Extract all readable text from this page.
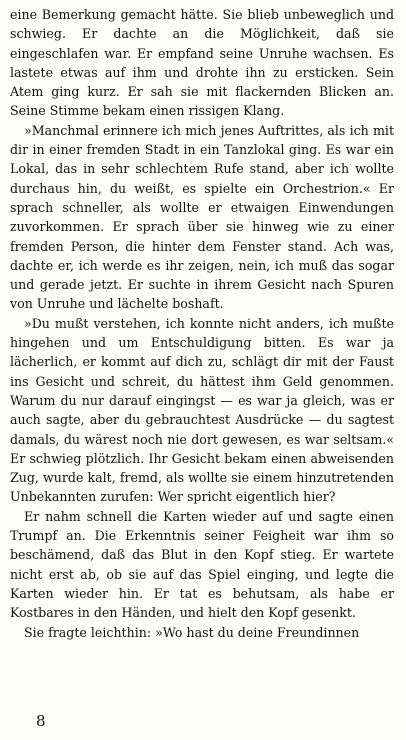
eine Bemerkung gemacht hätte. Sie blieb unbeweglich und schwieg. Er dachte an die Möglichkeit, daß sie eingeschlafen war. Er empfand seine Unruhe wachsen. Es lastete etwas auf ihm und drohte ihn zu ersticken. Sein Atem ging kurz. Er sah sie mit flackernden Blicken an. Seine Stimme bekam einen rissigen Klang.

»Manchmal erinnere ich mich jenes Auftrittes, als ich mit dir in einer fremden Stadt in ein Tanzlokal ging. Es war ein Lokal, das in sehr schlechtem Rufe stand, aber ich wollte durchaus hin, du weißt, es spielte ein Orchestrion.« Er sprach schneller, als wollte er etwaigen Einwendungen zuvorkommen. Er sprach über sie hinweg wie zu einer fremden Person, die hinter dem Fenster stand. Ach was, dachte er, ich werde es ihr zeigen, nein, ich muß das sogar und gerade jetzt. Er suchte in ihrem Gesicht nach Spuren von Unruhe und lächelte boshaft.

»Du mußt verstehen, ich konnte nicht anders, ich mußte hingehen und um Entschuldigung bitten. Es war ja lächerlich, er kommt auf dich zu, schlägt dir mit der Faust ins Gesicht und schreit, du hättest ihm Geld genommen. Warum du nur darauf eingingst — es war ja gleich, was er auch sagte, aber du gebrauchtest Ausdrücke — du sagtest damals, du wärest noch nie dort gewesen, es war seltsam.« Er schwieg plötzlich. Ihr Gesicht bekam einen abweisenden Zug, wurde kalt, fremd, als wollte sie einem hinzutretenden Unbekannten zurufen: Wer spricht eigentlich hier?

Er nahm schnell die Karten wieder auf und sagte einen Trumpf an. Die Erkenntnis seiner Feigheit war ihm so beschämend, daß das Blut in den Kopf stieg. Er wartete nicht erst ab, ob sie auf das Spiel einging, und legte die Karten wieder hin. Er tat es behutsam, als habe er Kostbares in den Händen, und hielt den Kopf gesenkt.

Sie fragte leichthin: »Wo hast du deine Freundinnen

8
